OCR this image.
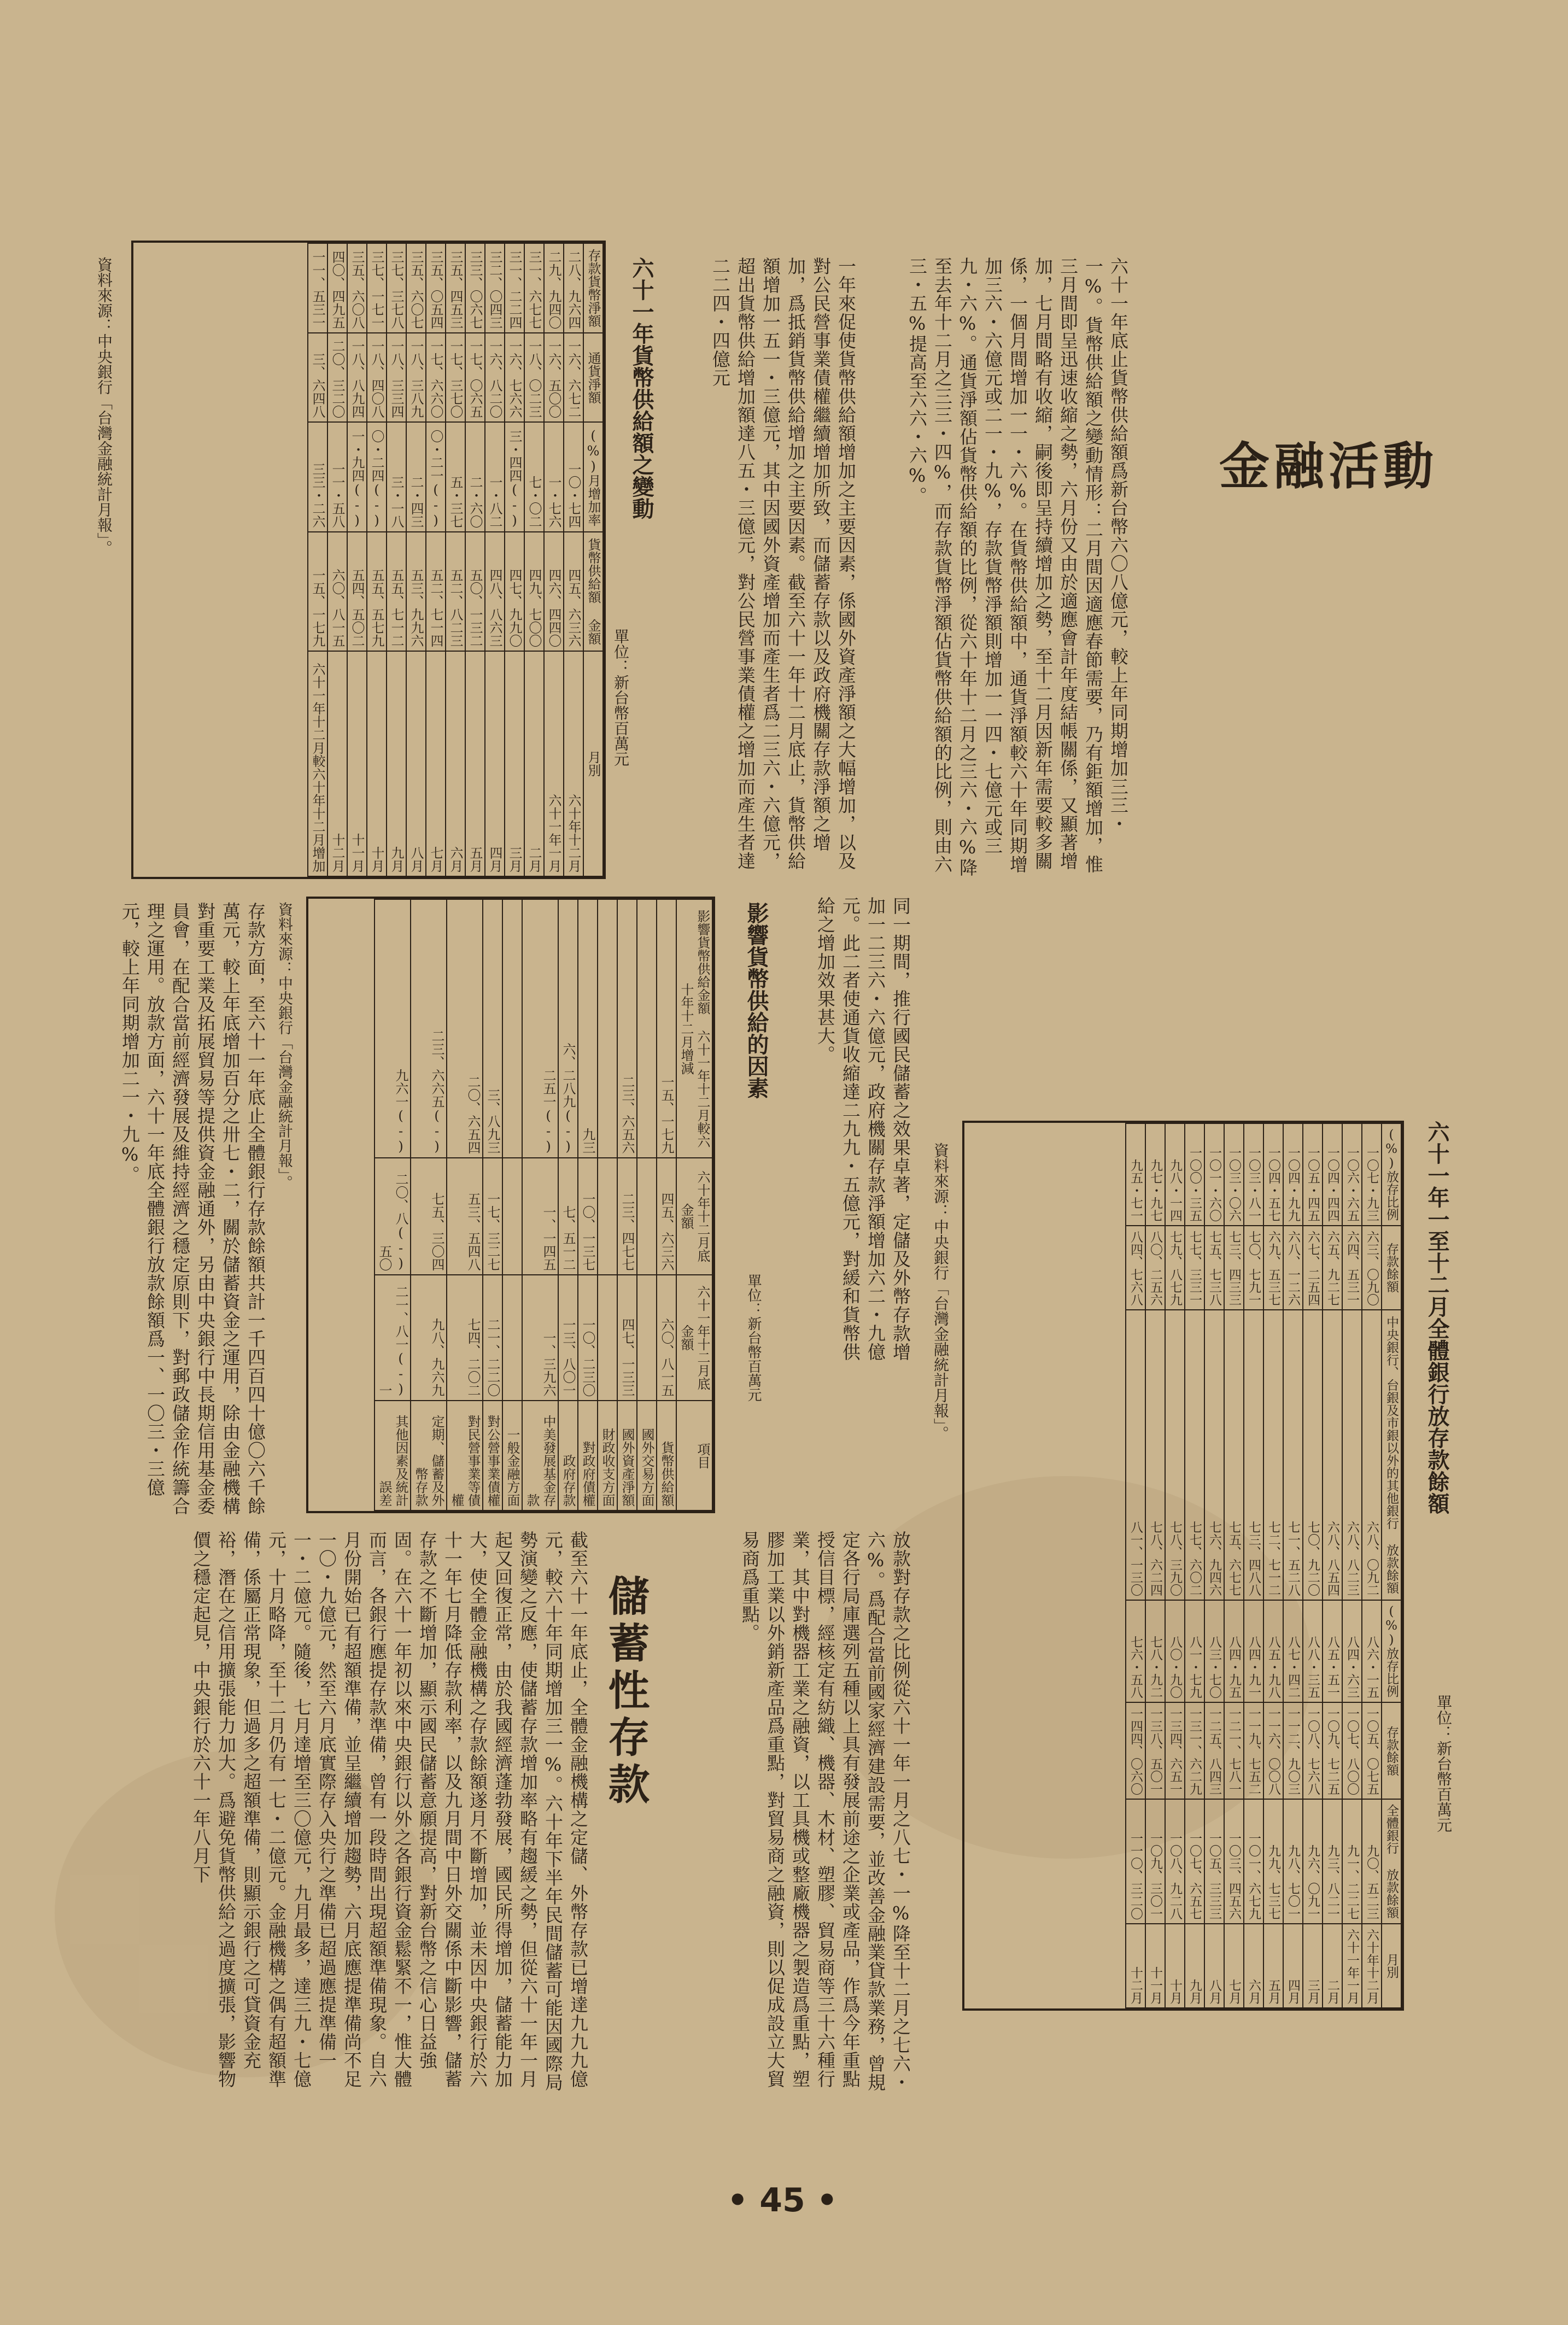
金融活動
六十一年底止貨幣供給額爲新台幣六〇八億元，較上年同期增加三三・一%。貨幣供給額之變動情形：二月間因適應春節需要，乃有鉅額增加，惟三月間即呈迅速收縮之勢，六月份又由於適應會計年度結帳關係，又顯著增加，七月間略有收縮，嗣後即呈持續增加之勢，至十二月因新年需要較多關係，一個月間增加一一・六%。在貨幣供給額中，通貨淨額較六十年同期增加三六・六億元或二一・九%，存款貨幣淨額則增加一一四・七億元或三九・六%。通貨淨額佔貨幣供給額的比例，從六十年十二月之三六・六%降至去年十二月之三三・四%，而存款貨幣淨額佔貨幣供給額的比例，則由六三・五%提高至六六・六%。
一年來促使貨幣供給額增加之主要因素，係國外資產淨額之大幅增加，以及對公民營事業債權繼續增加所致，而儲蓄存款以及政府機關存款淨額之增加，爲抵銷貨幣供給增加之主要因素。截至六十一年十二月底止，貨幣供給額增加一五一・三億元，其中因國外資產增加而產生者爲二三六・六億元，超出貨幣供給增加額達八五・三億元，對公民營事業債權之增加而產生者達二二四・四億元
六十一年貨幣供給額之變動
單位：新台幣百萬元
月別	貨幣供給額 金額	月增加率(%)	通貨淨額	存款貨幣淨額
六十年十二月	四五、六三六	一〇・七四	一六、六七二	二八、九六四
六十一年一月	四六、四四〇	一・七六	一六、五〇〇	二九、九四〇
二月	四九、七〇〇	七・〇二	一八、〇二三	三一、六七七
三月	四七、九九〇	(-)三・四四	一六、七六六	三一、二二四
四月	四八、八六三	一・八二	一六、八二〇	三二、〇四三
五月	五〇、一三二	二・六〇	一七、〇六五	三三、〇六七
六月	五二、八二三	五・三七	一七、三七〇	三五、四五三
七月	五二、七一四	(-)〇・二一	一七、六六〇	三五、〇五四
八月	五三、九九六	二・四三	一八、三八九	三五、六〇七
九月	五五、七一二	三・一八	一八、三三四	三七、三七八
十月	五五、五七九	(-)〇・二四	一八、四〇八	三七、一七一
十一月	五四、五〇二	(-)一・九四	一八、八九四	三五、六〇八
十二月	六〇、八一五	一一・五八	二〇、三二〇	四〇、四九五
六十一年十二月較六十年十二月增加	一五、一七九	三三・二六	三、六四八	一一、五三一
資料來源：中央銀行「台灣金融統計月報」。
同一期間，推行國民儲蓄之效果卓著，定儲及外幣存款增加一二三六・六億元，政府機關存款淨額增加六二・九億元。此二者使通貨收縮達二九九・五億元，對緩和貨幣供給之增加效果甚大。
影響貨幣供給的因素
單位：新台幣百萬元
項目	六十一年十二月底 金額	六十年十二月底 金額	影響貨幣供給金額 六十一年十二月較六十年十二月增減
貨幣供給額	六〇、八一五	四五、六三六	一五、一七九
國外交易方面			
國外資產淨額	四七、一三三	二三、四七七	二三、六五六
財政收支方面			
對政府債權	一〇、二三〇	一〇、一三七	九三
政府存款	一三、八〇一	七、五一二	(-)六、二八九
中美發展基金存款	一、三九六	一、一四五	(-)二五一
一般金融方面			
對公營事業債權	二一、二二〇	一七、三二七	三、八九三
對民營事業等債權	七四、二〇二	五三、五四八	二〇、六五四
定期、儲蓄及外幣存款	九八、九六九	七五、三〇四	(-)二三、六六五
其他因素及統計誤差	(-)二一、八一一	(-)二〇、八五〇	(-)九六一
資料來源：中央銀行「台灣金融統計月報」。
存款方面，至六十一年底止全體銀行存款餘額共計一千四百四十億〇六千餘萬元，較上年底增加百分之卅七・二，關於儲蓄資金之運用，除由金融機構對重要工業及拓展貿易等提供資金融通外，另由中央銀行中長期信用基金委員會，在配合當前經濟發展及維持經濟之穩定原則下，對郵政儲金作統籌合理之運用。放款方面，六十一年底全體銀行放款餘額爲一、一〇三・三億元，較上年同期增加二一・九%。
六十一年一至十二月全體銀行放存款餘額
單位：新台幣百萬元
月別	全體銀行 放款餘額	存款餘額	放存比例(%)	中央銀行、台銀及市銀以外的其他銀行 放款餘額	存款餘額	放存比例(%)
六十年十二月	九〇、五二三	一〇五、〇七五	八六・一五	六八、〇九二	六三、〇九〇	一〇七・九三
六十一年一月	九一、二二七	一〇七、八〇〇	八四・六三	六八、八二三	六四、五三一	一〇六・六五
二月	九三、八二一	一〇九、七二五	八五・五一	六八、八五四	六五、九二七	一〇四・四四
三月	九六、〇九一	一〇八、七六八	八八・三五	七〇、九二〇	六七、二五四	一〇五・四五
四月	九八、七〇一	一一二、九〇三	八七・四二	七一、五二八	六八、一二六	一〇四・九九
五月	九九、七三七	一一六、〇〇八	八五・九八	七二、七一二	六九、五三七	一〇四・五七
六月	一〇一、六七九	一一九、七五二	八四・九一	七三、四八八	七〇、七九一	一〇三・八一
七月	一〇三、四五六	一二一、七八一	八四・九五	七五、六七七	七三、四三三	一〇三・〇六
八月	一〇五、三三三	一二五、八四三	八三・七〇	七六、九四六	七五、七三八	一〇一・六〇
九月	一〇七、六五七	一三一、六二九	八一・七九	七七、六〇二	七七、三三一	一〇〇・三五
十月	一〇八、九二八	一三四、六五一	八〇・九〇	七八、三九〇	七九、八七九	九八・一四
十一月	一〇九、三〇一	一三八、五〇一	七八・九二	七八、六二四	八〇、二五六	九七・九七
十二月	一一〇、三二〇	一四四、〇六〇	七六・五八	八一、一三〇	八四、七六八	九五・七一
資料來源：中央銀行「台灣金融統計月報」。
放款對存款之比例從六十一年一月之八七・一%降至十二月之七六・六%。爲配合當前國家經濟建設需要，並改善金融業貸款業務，曾規定各行局庫選列五種以上具有發展前途之企業或產品，作爲今年重點授信目標，經核定有紡織、機器、木材、塑膠、貿易商等三十六種行業，其中對機器工業之融資，以工具機或整廠機器之製造爲重點，塑膠加工業以外銷新產品爲重點，對貿易商之融資，則以促成設立大貿易商爲重點。
儲蓄性存款
截至六十一年底止，全體金融機構之定儲、外幣存款已增達九九九億元，較六十年同期增加三一%。六十年下半年民間儲蓄可能因國際局勢演變之反應，使儲蓄存款增加率略有趨緩之勢，但從六十一年一月起又回復正常，由於我國經濟蓬勃發展，國民所得增加，儲蓄能力加大，使全體金融機構之存款餘額遂月不斷增加，並未因中央銀行於六十一年七月降低存款利率，以及九月間中日外交關係中斷影響，儲蓄存款之不斷增加，顯示國民儲蓄意願提高，對新台幣之信心日益強固。在六十一年初以來中央銀行以外之各銀行資金鬆緊不一，惟大體而言，各銀行應提存款準備，曾有一段時間出現超額準備現象。自六月份開始已有超額準備，並呈繼續增加趨勢，六月底應提準備尚不足一〇・九億元，然至六月底實際存入央行之準備已超過應提準備一一・二億元。隨後，七月達增至三〇億元，九月最多，達三九・七億元，十月略降，至十二月仍有一七・二億元。金融機構之偶有超額準備，係屬正常現象，但過多之超額準備，則顯示銀行之可貸資金充裕，潛在之信用擴張能力加大。爲避免貨幣供給之過度擴張，影響物價之穩定起見，中央銀行於六十一年八月下
• 45 •
